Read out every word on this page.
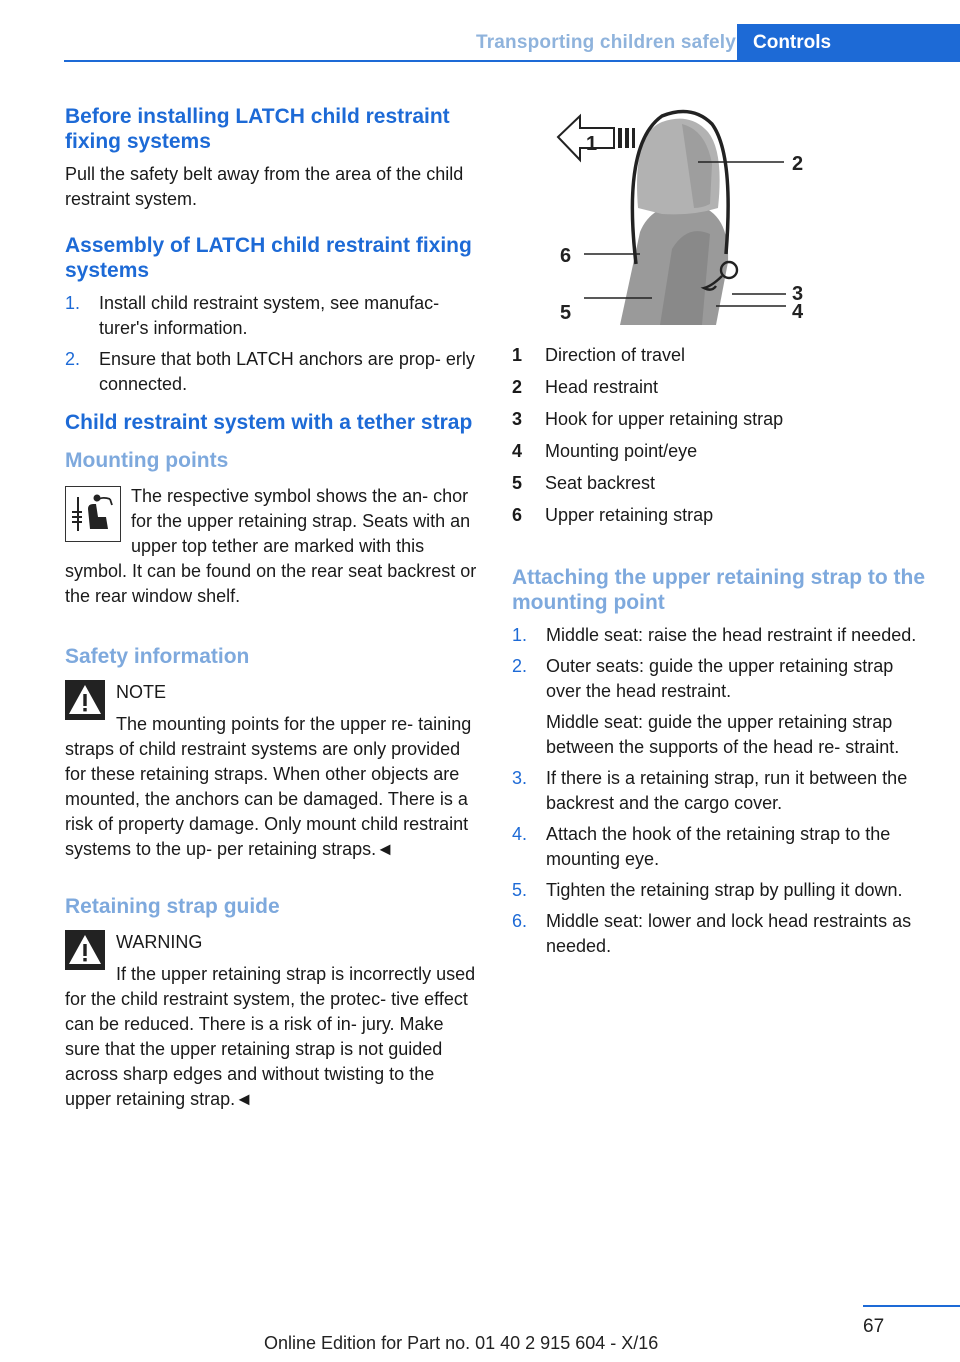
Transporting children safely Controls
Before installing LATCH child restraint fixing systems
Pull the safety belt away from the area of the child restraint system.
Assembly of LATCH child restraint fixing systems
1. Install child restraint system, see manufac‐ turer's information.
2. Ensure that both LATCH anchors are prop‐ erly connected.
Child restraint system with a tether strap
Mounting points
The respective symbol shows the an‐ chor for the upper retaining strap. Seats with an upper top tether are marked with this symbol. It can be found on the rear seat backrest or the rear window shelf.
Safety information
NOTE
The mounting points for the upper re‐ taining straps of child restraint systems are only provided for these retaining straps. When other objects are mounted, the anchors can be damaged. There is a risk of property damage. Only mount child restraint systems to the up‐ per retaining straps.◄
Retaining strap guide
WARNING
If the upper retaining strap is incorrectly used for the child restraint system, the protec‐ tive effect can be reduced. There is a risk of in‐ jury. Make sure that the upper retaining strap is not guided across sharp edges and without twisting to the upper retaining strap.◄
1
2
3
4
5
6
1	Direction of travel
2	Head restraint
3	Hook for upper retaining strap
4	Mounting point/eye
5	Seat backrest
6	Upper retaining strap
Attaching the upper retaining strap to the mounting point
1. Middle seat: raise the head restraint if needed.
2. Outer seats: guide the upper retaining strap over the head restraint.
Middle seat: guide the upper retaining strap between the supports of the head re‐ straint.
3. If there is a retaining strap, run it between the backrest and the cargo cover.
4. Attach the hook of the retaining strap to the mounting eye.
5. Tighten the retaining strap by pulling it down.
6. Middle seat: lower and lock head restraints as needed.
67
Online Edition for Part no. 01 40 2 915 604 - X/16
